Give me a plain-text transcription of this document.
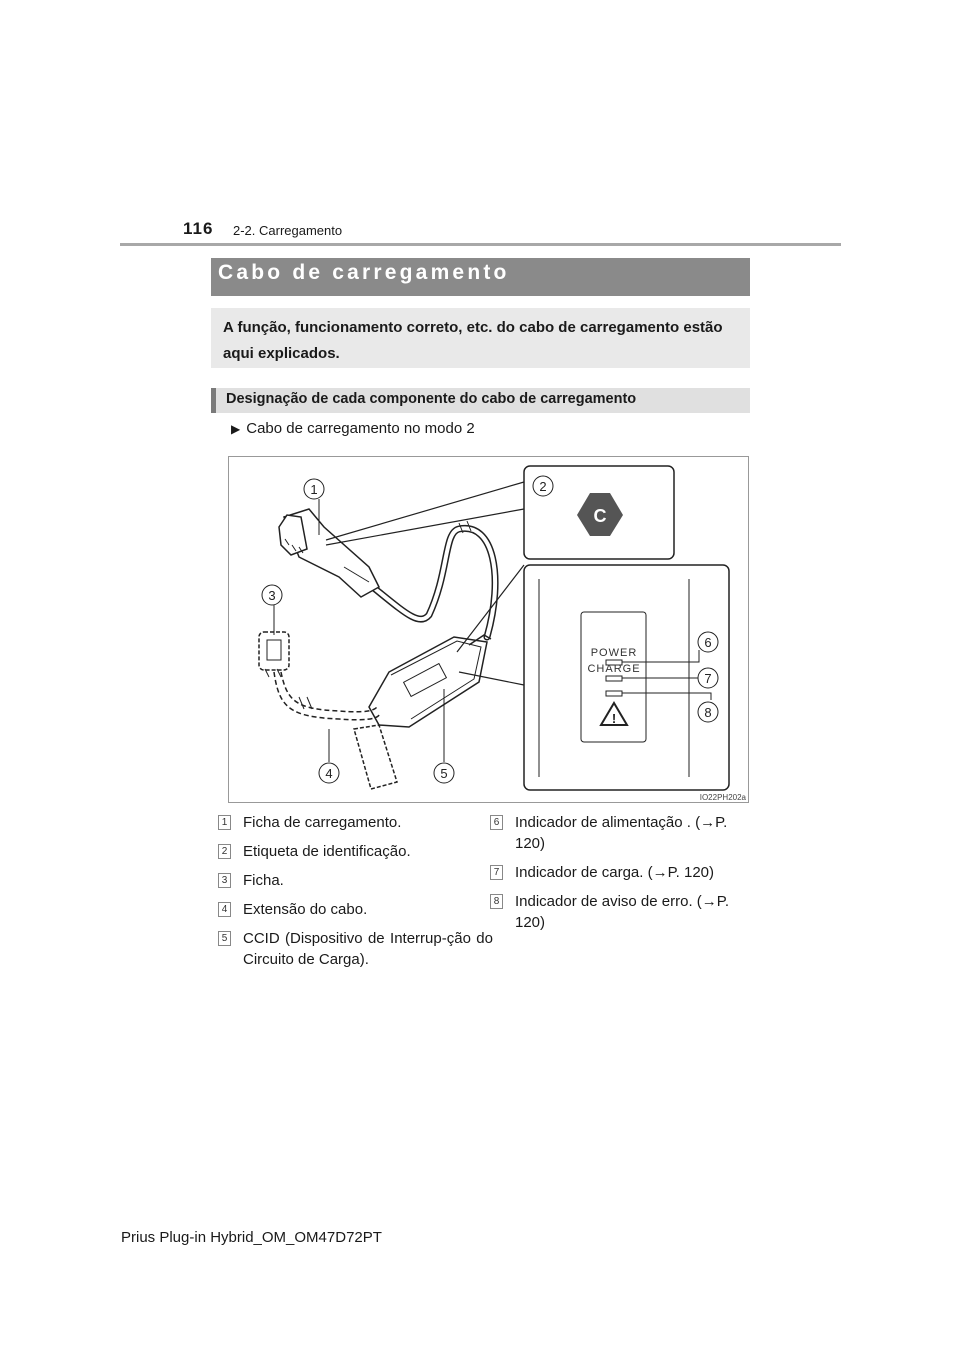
116 2-2. Carregamento
Cabo de carregamento
A função, funcionamento correto, etc. do cabo de carregamento estão aqui explicados.
Designação de cada componente do cabo de carregamento
▶ Cabo de carregamento no modo 2
C
POWER
CHARGE
!
1	2
3
4	5
6
7
8
IO22PH202a
1 Ficha de carregamento.
2 Etiqueta de identificação.
3 Ficha.
4 Extensão do cabo.
5 CCID (Dispositivo de Interrup-ção do Circuito de Carga).
6 Indicador de alimentação . (→P. 120)
7 Indicador de carga. (→P. 120)
8 Indicador de aviso de erro. (→P. 120)
Prius Plug-in Hybrid_OM_OM47D72PT
